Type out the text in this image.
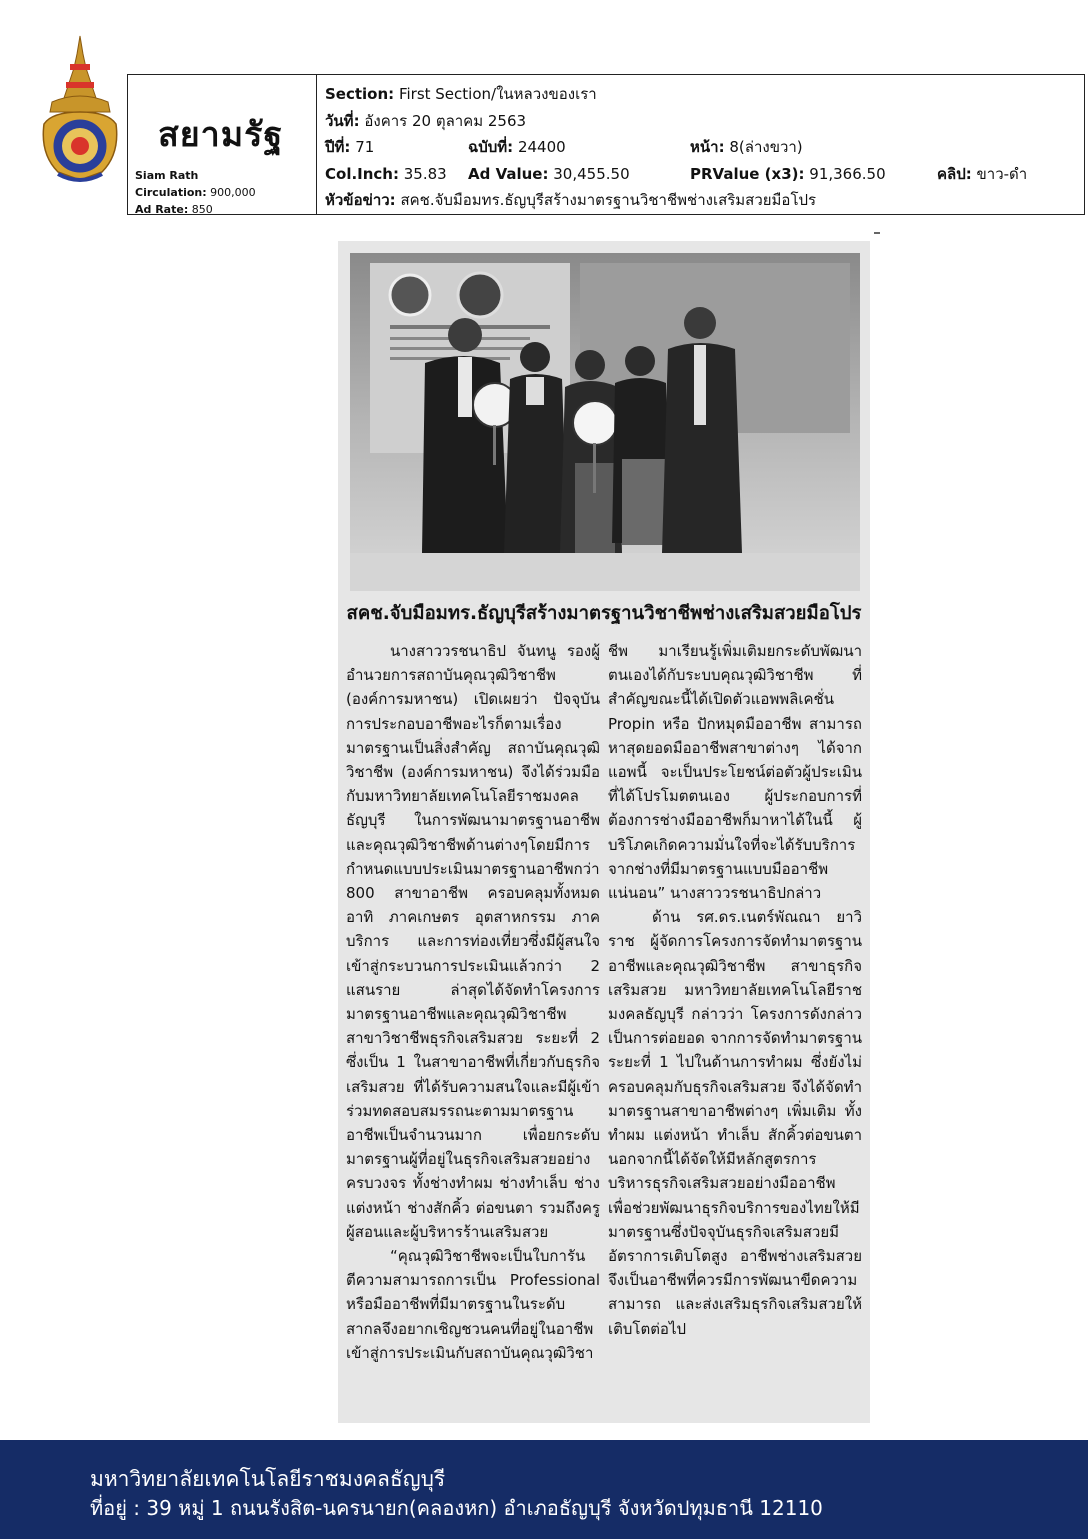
สยามรัฐ
Siam Rath
Circulation: 900,000
Ad Rate: 850
Section: First Section/ในหลวงของเรา
วันที่: อังคาร 20 ตุลาคม 2563
ปีที่: 71	ฉบับที่: 24400	หน้า: 8(ล่างขวา)
Col.Inch: 35.83 Ad Value: 30,455.50	PRValue (x3): 91,366.50	คลิป: ขาว-ดำ
หัวข้อข่าว: สคช.จับมือมทร.ธัญบุรีสร้างมาตรฐานวิชาชีพช่างเสริมสวยมือโปร
สคช.จับมือมทร.ธัญบุรีสร้างมาตรฐานวิชาชีพช่างเสริมสวยมือโปร

นางสาววรชนาธิป จันทนู รองผู้อำนวยการสถาบันคุณวุฒิวิชาชีพ (องค์การมหาชน) เปิดเผยว่า ปัจจุบันการประกอบอาชีพอะไรก็ตามเรื่องมาตรฐานเป็นสิ่งสำคัญ สถาบันคุณวุฒิวิชาชีพ (องค์การมหาชน) จึงได้ร่วมมือกับมหาวิทยาลัยเทคโนโลยีราชมงคลธัญบุรี ในการพัฒนามาตรฐานอาชีพและคุณวุฒิวิชาชีพด้านต่างๆโดยมีการกำหนดแบบประเมินมาตรฐานอาชีพกว่า 800 สาขาอาชีพ ครอบคลุมทั้งหมด อาทิ ภาคเกษตร อุตสาหกรรม ภาคบริการ และการท่องเที่ยวซึ่งมีผู้สนใจเข้าสู่กระบวนการประเมินแล้วกว่า 2 แสนราย ล่าสุดได้จัดทำโครงการมาตรฐานอาชีพและคุณวุฒิวิชาชีพสาขาวิชาชีพธุรกิจเสริมสวย ระยะที่ 2 ซึ่งเป็น 1 ในสาขาอาชีพที่เกี่ยวกับธุรกิจเสริมสวย ที่ได้รับความสนใจและมีผู้เข้าร่วมทดสอบสมรรถนะตามมาตรฐานอาชีพเป็นจำนวนมาก เพื่อยกระดับมาตรฐานผู้ที่อยู่ในธุรกิจเสริมสวยอย่างครบวงจร ทั้งช่างทำผม ช่างทำเล็บ ช่างแต่งหน้า ช่างสักคิ้ว ต่อขนตา รวมถึงครูผู้สอนและผู้บริหารร้านเสริมสวย

“คุณวุฒิวิชาชีพจะเป็นใบการันตีความสามารถการเป็น Professional หรือมืออาชีพที่มีมาตรฐานในระดับสากลจึงอยากเชิญชวนคนที่อยู่ในอาชีพเข้าสู่การประเมินกับสถาบันคุณวุฒิวิชา

ชีพ มาเรียนรู้เพิ่มเติมยกระดับพัฒนาตนเองได้กับระบบคุณวุฒิวิชาชีพ ที่สำคัญขณะนี้ได้เปิดตัวแอพพลิเคชั่น Propin หรือ ปักหมุดมืออาชีพ สามารถหาสุดยอดมืออาชีพสาขาต่างๆ ได้จากแอพนี้ จะเป็นประโยชน์ต่อตัวผู้ประเมิน ที่ได้โปรโมตตนเอง ผู้ประกอบการที่ต้องการช่างมืออาชีพก็มาหาได้ในนี้ ผู้บริโภคเกิดความมั่นใจที่จะได้รับบริการ จากช่างที่มีมาตรฐานแบบมืออาชีพแน่นอน” นางสาววรชนาธิปกล่าว

ด้าน รศ.ดร.เนตร์พัณณา ยาวิราช ผู้จัดการโครงการจัดทำมาตรฐานอาชีพและคุณวุฒิวิชาชีพ สาขาธุรกิจเสริมสวย มหาวิทยาลัยเทคโนโลยีราชมงคลธัญบุรี กล่าวว่า โครงการดังกล่าวเป็นการต่อยอด จากการจัดทำมาตรฐานระยะที่ 1 ไปในด้านการทำผม ซึ่งยังไม่ครอบคลุมกับธุรกิจเสริมสวย จึงได้จัดทำมาตรฐานสาขาอาชีพต่างๆ เพิ่มเติม ทั้งทำผม แต่งหน้า ทำเล็บ สักคิ้วต่อขนตา นอกจากนี้ได้จัดให้มีหลักสูตรการบริหารธุรกิจเสริมสวยอย่างมืออาชีพ เพื่อช่วยพัฒนาธุรกิจบริการของไทยให้มีมาตรฐานซึ่งปัจจุบันธุรกิจเสริมสวยมีอัตราการเติบโตสูง อาชีพช่างเสริมสวยจึงเป็นอาชีพที่ควรมีการพัฒนาขีดความสามารถ และส่งเสริมธุรกิจเสริมสวยให้เติบโตต่อไป

มหาวิทยาลัยเทคโนโลยีราชมงคลธัญบุรี
ที่อยู่ : 39 หมู่ 1 ถนนรังสิต-นครนายก(คลองหก) อำเภอธัญบุรี จังหวัดปทุมธานี 12110
